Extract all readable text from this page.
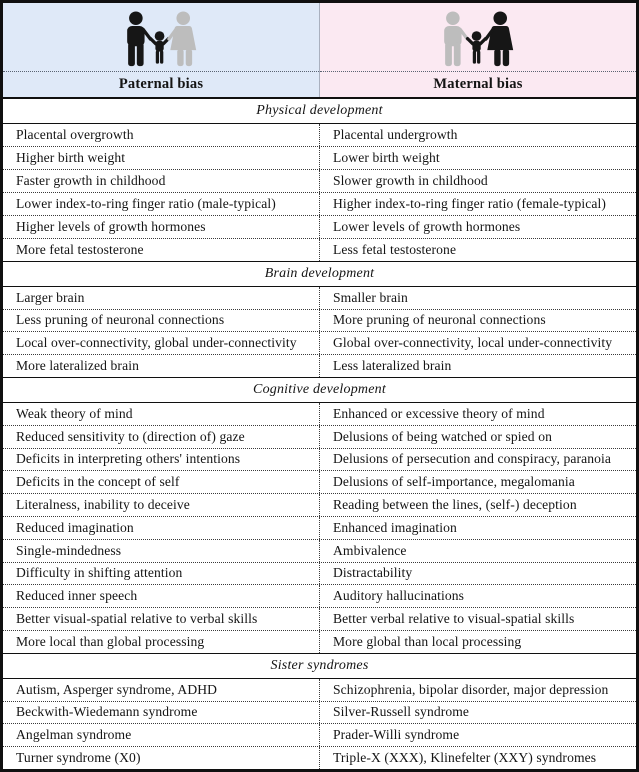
Paternal bias	Maternal bias
Physical development
Placental overgrowth	Placental undergrowth
Higher birth weight	Lower birth weight
Faster growth in childhood	Slower growth in childhood
Lower index-to-ring finger ratio (male-typical)	Higher index-to-ring finger ratio (female-typical)
Higher levels of growth hormones	Lower levels of growth hormones
More fetal testosterone	Less fetal testosterone
Brain development
Larger brain	Smaller brain
Less pruning of neuronal connections	More pruning of neuronal connections
Local over-connectivity, global under-connectivity	Global over-connectivity, local under-connectivity
More lateralized brain	Less lateralized brain
Cognitive development
Weak theory of mind	Enhanced or excessive theory of mind
Reduced sensitivity to (direction of) gaze	Delusions of being watched or spied on
Deficits in interpreting others' intentions	Delusions of persecution and conspiracy, paranoia
Deficits in the concept of self	Delusions of self-importance, megalomania
Literalness, inability to deceive	Reading between the lines, (self-) deception
Reduced imagination	Enhanced imagination
Single-mindedness	Ambivalence
Difficulty in shifting attention	Distractability
Reduced inner speech	Auditory hallucinations
Better visual-spatial relative to verbal skills	Better verbal relative to visual-spatial skills
More local than global processing	More global than local processing
Sister syndromes
Autism, Asperger syndrome, ADHD	Schizophrenia, bipolar disorder, major depression
Beckwith-Wiedemann syndrome	Silver-Russell syndrome
Angelman syndrome	Prader-Willi syndrome
Turner syndrome (X0)	Triple-X (XXX), Klinefelter (XXY) syndromes
